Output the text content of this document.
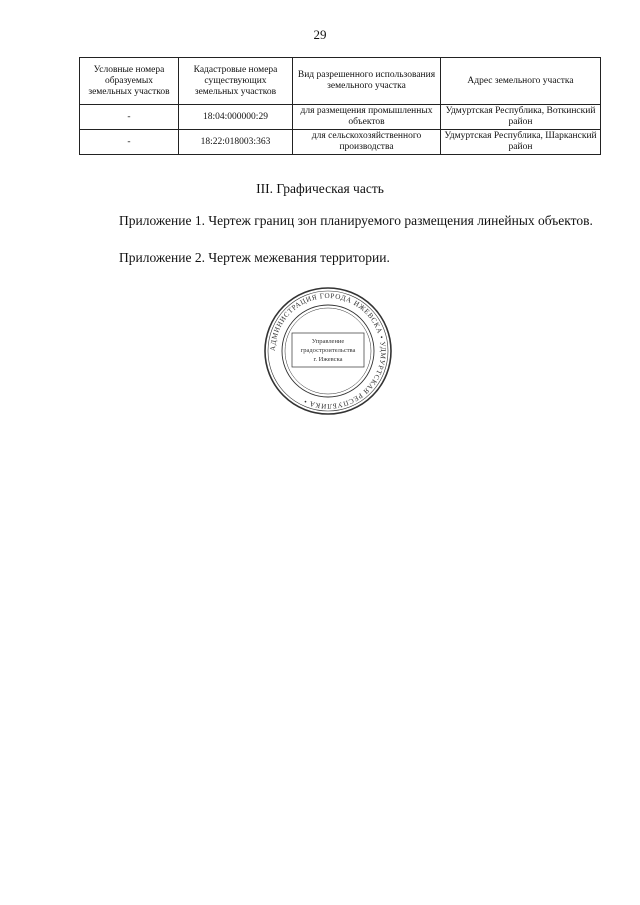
29
Условные номера образуемых земельных участков	Кадастровые номера существующих земельных участков	Вид разрешенного использования земельного участка	Адрес земельного участка
-	18:04:000000:29	для размещения промышленных объектов	Удмуртская Республика, Воткинский район
-	18:22:018003:363	для сельскохозяйственного производства	Удмуртская Республика, Шарканский район
III. Графическая часть
Приложение 1. Чертеж границ зон планируемого размещения линейных объектов.
Приложение 2. Чертеж межевания территории.
АДМИНИСТРАЦИЯ ГОРОДА ИЖЕВСКА • УДМУРТСКАЯ РЕСПУБЛИКА •
Управление
градостроительства
г. Ижевска
